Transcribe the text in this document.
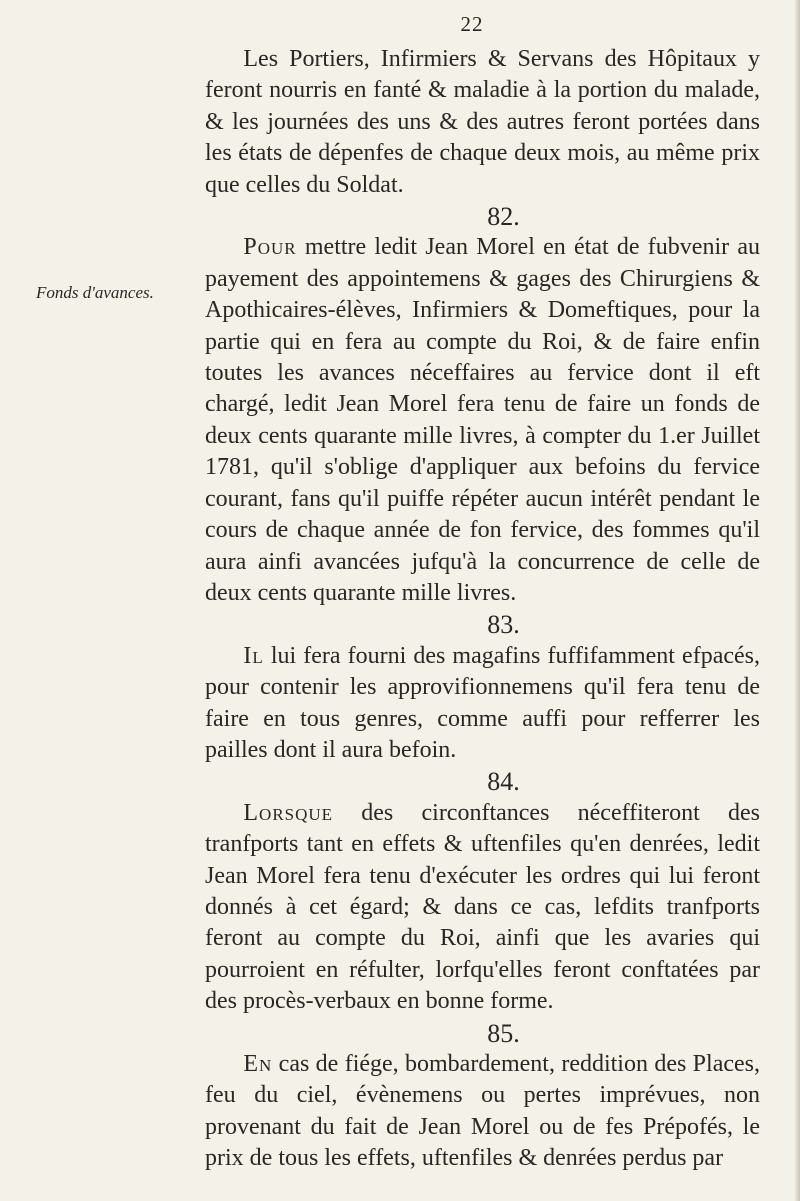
22
Fonds d'avances.

Les Portiers, Infirmiers & Servans des Hôpitaux y feront nourris en fanté & maladie à la portion du malade, & les journées des uns & des autres feront portées dans les états de dépenfes de chaque deux mois, au même prix que celles du Soldat.

82.

Pour mettre ledit Jean Morel en état de fubvenir au payement des appointemens & gages des Chirurgiens & Apothicaires-élèves, Infirmiers & Domeftiques, pour la partie qui en fera au compte du Roi, & de faire enfin toutes les avances néceffaires au fervice dont il eft chargé, ledit Jean Morel fera tenu de faire un fonds de deux cents quarante mille livres, à compter du 1.er Juillet 1781, qu'il s'oblige d'appliquer aux befoins du fervice courant, fans qu'il puiffe répéter aucun intérêt pendant le cours de chaque année de fon fervice, des fommes qu'il aura ainfi avancées jufqu'à la concurrence de celle de deux cents quarante mille livres.

83.

Il lui fera fourni des magafins fuffifamment efpacés, pour contenir les approvifionnemens qu'il fera tenu de faire en tous genres, comme auffi pour refferrer les pailles dont il aura befoin.

84.

Lorsque des circonftances néceffiteront des tranfports tant en effets & uftenfiles qu'en denrées, ledit Jean Morel fera tenu d'exécuter les ordres qui lui feront donnés à cet égard; & dans ce cas, lefdits tranfports feront au compte du Roi, ainfi que les avaries qui pourroient en réfulter, lorfqu'elles feront conftatées par des procès-verbaux en bonne forme.

85.

En cas de fiége, bombardement, reddition des Places, feu du ciel, évènemens ou pertes imprévues, non provenant du fait de Jean Morel ou de fes Prépofés, le prix de tous les effets, uftenfiles & denrées perdus par
